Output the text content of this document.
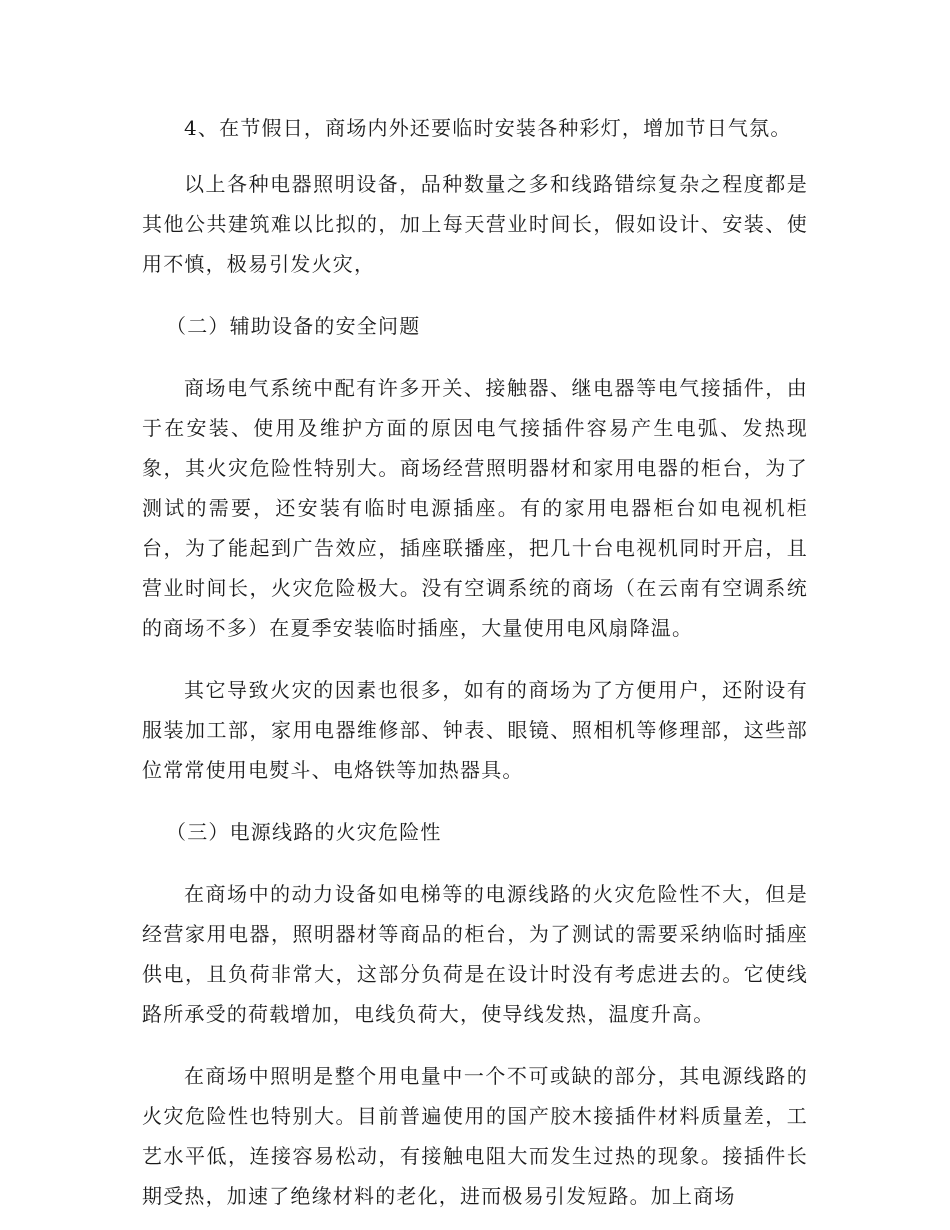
4、在节假日，商场内外还要临时安装各种彩灯，增加节日气氛。

以上各种电器照明设备，品种数量之多和线路错综复杂之程度都是其他公共建筑难以比拟的，加上每天营业时间长，假如设计、安装、使用不慎，极易引发火灾，

（二）辅助设备的安全问题

商场电气系统中配有许多开关、接触器、继电器等电气接插件，由于在安装、使用及维护方面的原因电气接插件容易产生电弧、发热现象，其火灾危险性特别大。商场经营照明器材和家用电器的柜台，为了测试的需要，还安装有临时电源插座。有的家用电器柜台如电视机柜台，为了能起到广告效应，插座联播座，把几十台电视机同时开启，且营业时间长，火灾危险极大。没有空调系统的商场（在云南有空调系统的商场不多）在夏季安装临时插座，大量使用电风扇降温。

其它导致火灾的因素也很多，如有的商场为了方便用户，还附设有服装加工部，家用电器维修部、钟表、眼镜、照相机等修理部，这些部位常常使用电熨斗、电烙铁等加热器具。

（三）电源线路的火灾危险性

在商场中的动力设备如电梯等的电源线路的火灾危险性不大，但是经营家用电器，照明器材等商品的柜台，为了测试的需要采纳临时插座供电，且负荷非常大，这部分负荷是在设计时没有考虑进去的。它使线路所承受的荷载增加，电线负荷大，使导线发热，温度升高。

在商场中照明是整个用电量中一个不可或缺的部分，其电源线路的火灾危险性也特别大。目前普遍使用的国产胶木接插件材料质量差，工艺水平低，连接容易松动，有接触电阻大而发生过热的现象。接插件长期受热，加速了绝缘材料的老化，进而极易引发短路。加上商场
